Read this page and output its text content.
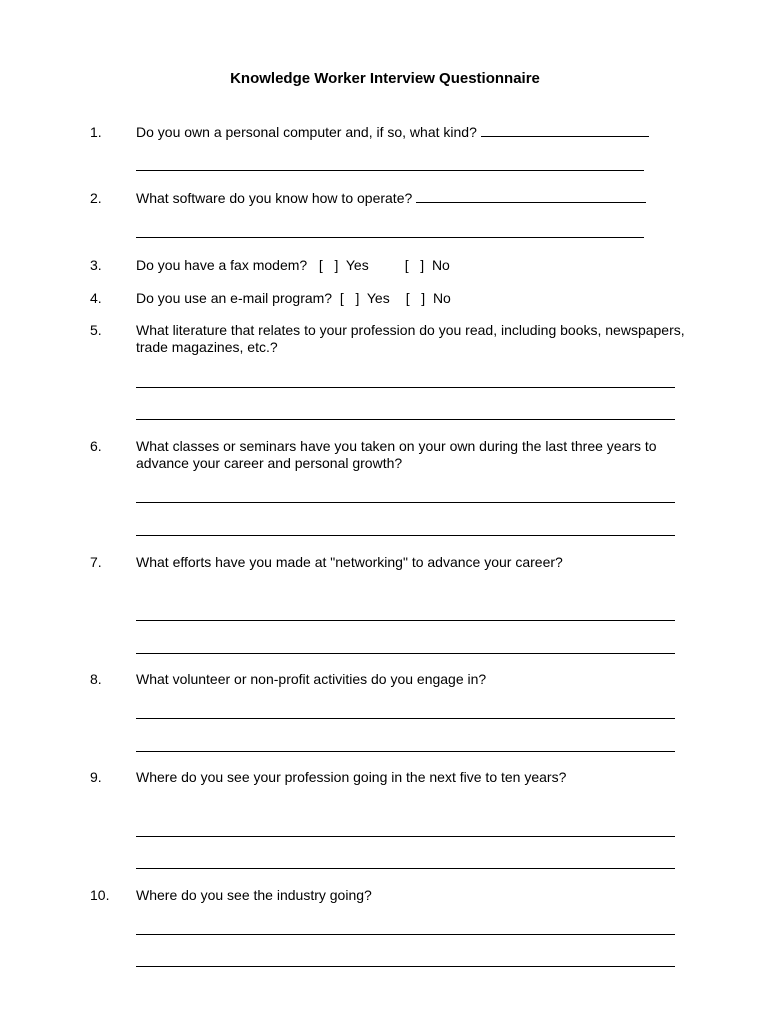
Knowledge Worker Interview Questionnaire
1. Do you own a personal computer and, if so, what kind?
2. What software do you know how to operate?
3. Do you have a fax modem? [   ]  Yes	[   ]  No
4. Do you use an e-mail program? [   ]  Yes [   ]  No
5. What literature that relates to your profession do you read, including books, newspapers, trade magazines, etc.?
6. What classes or seminars have you taken on your own during the last three years to advance your career and personal growth?
7. What efforts have you made at "networking" to advance your career?
8. What volunteer or non-profit activities do you engage in?
9. Where do you see your profession going in the next five to ten years?
10. Where do you see the industry going?
